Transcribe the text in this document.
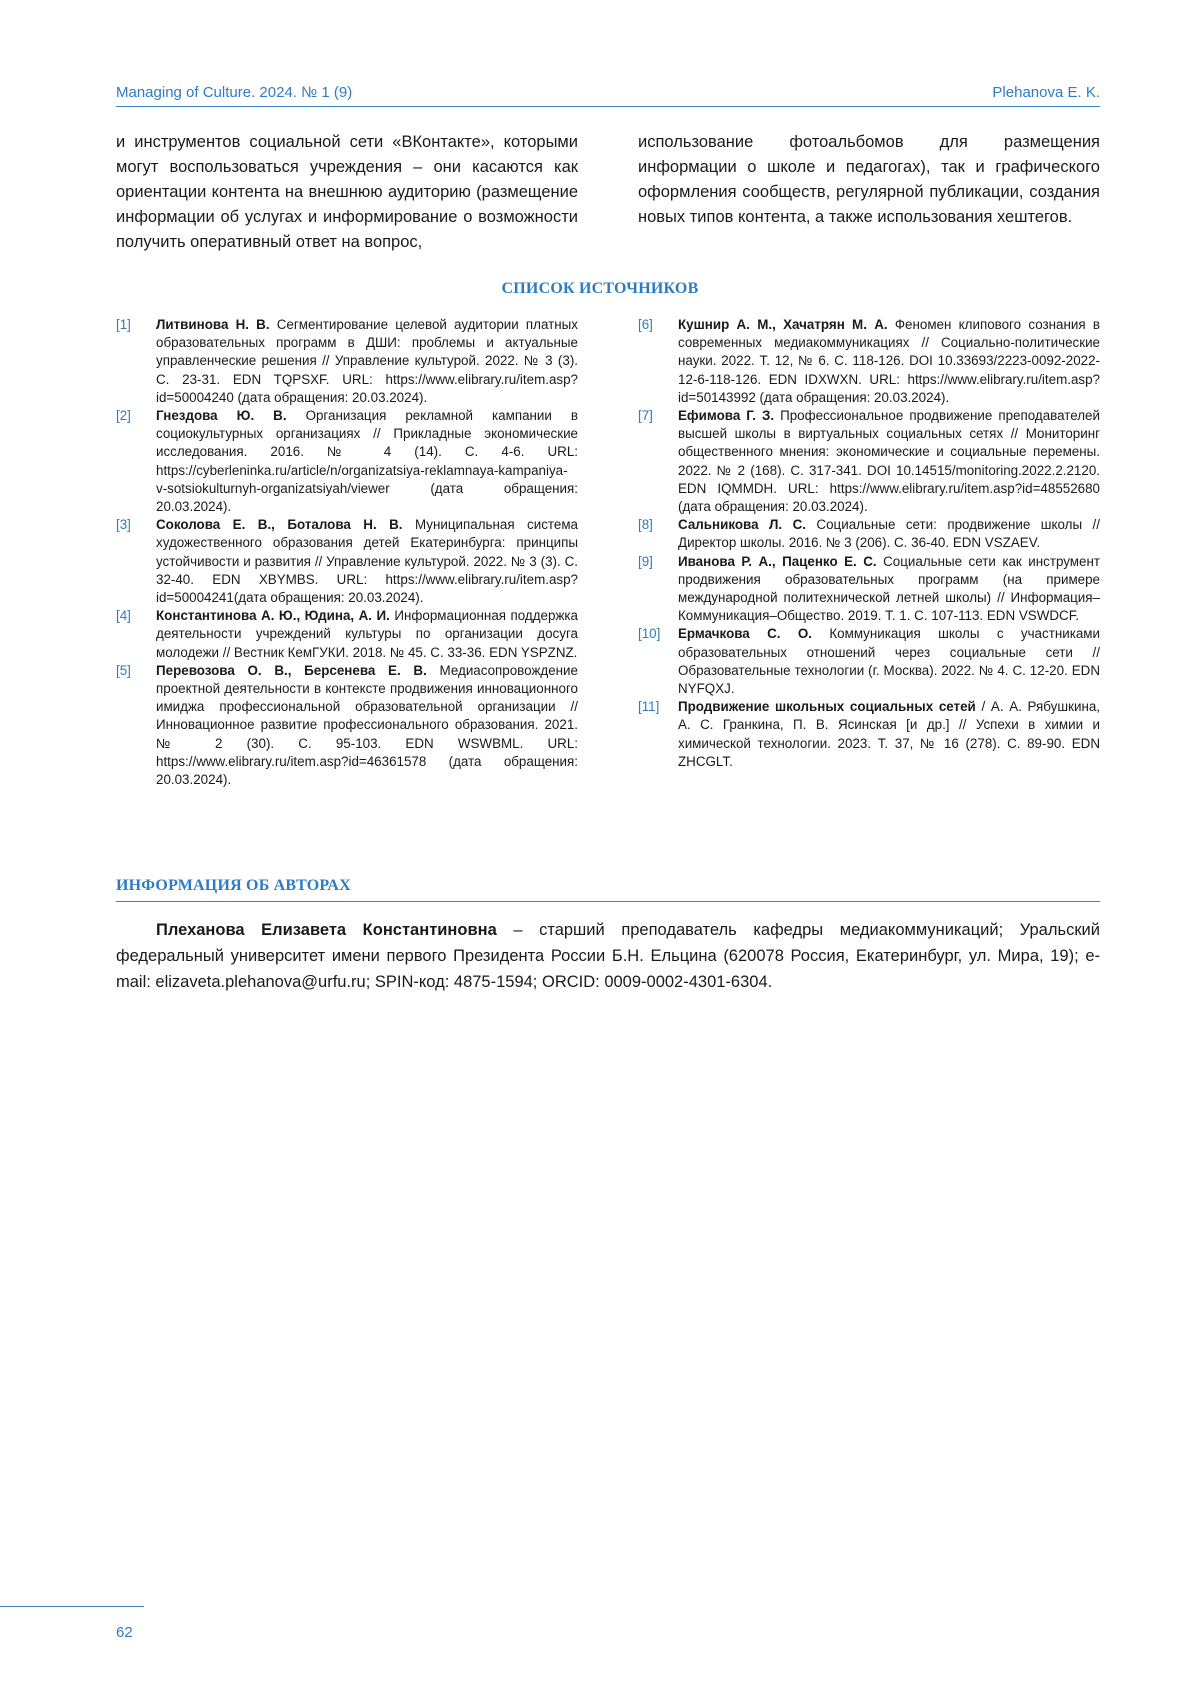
Managing of Culture. 2024. № 1 (9)	Plehanova E. K.
и инструментов социальной сети «ВКонтакте», которыми могут воспользоваться учреждения – они касаются как ориентации контента на внешнюю аудиторию (размещение информации об услугах и информирование о возможности получить оперативный ответ на вопрос,
использование фотоальбомов для размещения информации о школе и педагогах), так и графического оформления сообществ, регулярной публикации, создания новых типов контента, а также использования хештегов.
СПИСОК ИСТОЧНИКОВ
[1]	Литвинова Н. В. Сегментирование целевой аудитории платных образовательных программ в ДШИ: проблемы и актуальные управленческие решения // Управление культурой. 2022. № 3 (3). С. 23-31. EDN TQPSXF. URL: https://www.elibrary.ru/item.asp?id=50004240 (дата обращения: 20.03.2024).
[2]	Гнездова Ю. В. Организация рекламной кампании в социокультурных организациях // Прикладные экономические исследования. 2016. № 4 (14). С. 4-6. URL: https://cyberleninka.ru/article/n/organizatsiya-reklamnaya-kampaniya-v-sotsiokulturnyh-organizatsiyah/viewer (дата обращения: 20.03.2024).
[3]	Соколова Е. В., Боталова Н. В. Муниципальная система художественного образования детей Екатеринбурга: принципы устойчивости и развития // Управление культурой. 2022. № 3 (3). С. 32-40. EDN XBYMBS. URL: https://www.elibrary.ru/item.asp?id=50004241(дата обращения: 20.03.2024).
[4]	Константинова А. Ю., Юдина, А. И. Информационная поддержка деятельности учреждений культуры по организации досуга молодежи // Вестник КемГУКИ. 2018. № 45. С. 33-36. EDN YSPZNZ.
[5]	Перевозова О. В., Берсенева Е. В. Медиасопровождение проектной деятельности в контексте продвижения инновационного имиджа профессиональной образовательной организации // Инновационное развитие профессионального образования. 2021. № 2 (30). С. 95-103. EDN WSWBML. URL: https://www.elibrary.ru/item.asp?id=46361578 (дата обращения: 20.03.2024).
[6]	Кушнир А. М., Хачатрян М. А. Феномен клипового сознания в современных медиакоммуникациях // Социально-политические науки. 2022. Т. 12, № 6. С. 118-126. DOI 10.33693/2223-0092-2022-12-6-118-126. EDN IDXWXN. URL: https://www.elibrary.ru/item.asp?id=50143992 (дата обращения: 20.03.2024).
[7]	Ефимова Г. З. Профессиональное продвижение преподавателей высшей школы в виртуальных социальных сетях // Мониторинг общественного мнения: экономические и социальные перемены. 2022. № 2 (168). С. 317-341. DOI 10.14515/monitoring.2022.2.2120. EDN IQMMDH. URL: https://www.elibrary.ru/item.asp?id=48552680 (дата обращения: 20.03.2024).
[8]	Сальникова Л. С. Социальные сети: продвижение школы // Директор школы. 2016. № 3 (206). С. 36-40. EDN VSZAEV.
[9]	Иванова Р. А., Паценко Е. С. Социальные сети как инструмент продвижения образовательных программ (на примере международной политехнической летней школы) // Информация–Коммуникация–Общество. 2019. Т. 1. С. 107-113. EDN VSWDCF.
[10]	Ермачкова С. О. Коммуникация школы с участниками образовательных отношений через социальные сети // Образовательные технологии (г. Москва). 2022. № 4. С. 12-20. EDN NYFQXJ.
[11]	Продвижение школьных социальных сетей / А. А. Рябушкина, А. С. Гранкина, П. В. Ясинская [и др.] // Успехи в химии и химической технологии. 2023. Т. 37, № 16 (278). С. 89-90. EDN ZHCGLT.
ИНФОРМАЦИЯ ОБ АВТОРАХ
Плеханова Елизавета Константиновна – старший преподаватель кафедры медиакоммуникаций; Уральский федеральный университет имени первого Президента России Б.Н. Ельцина (620078 Россия, Екатеринбург, ул. Мира, 19); e-mail: elizaveta.plehanova@urfu.ru; SPIN-код: 4875-1594; ORCID: 0009-0002-4301-6304.
62
